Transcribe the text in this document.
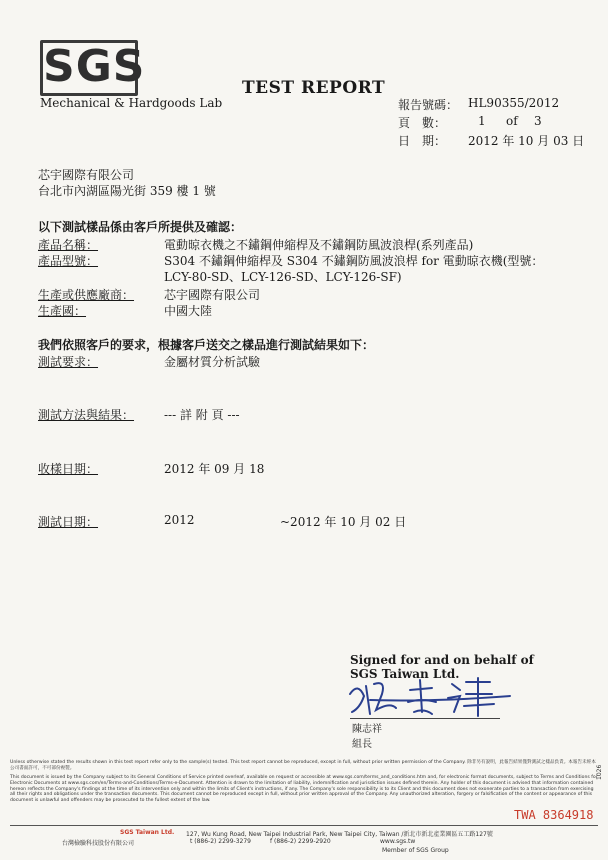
SGS
Mechanical & Hardgoods Lab
TEST REPORT
報告號碼： HL90355/2012
頁　數：	1 of 3
日　期： 2012 年 10 月 03 日
芯宇國際有限公司
台北市內湖區陽光街 359 樓 1 號
以下測試樣品係由客戶所提供及確認：
產品名稱：	電動晾衣機之不鏽鋼伸縮桿及不鏽鋼防風波浪桿(系列產品)
產品型號：	S304 不鏽鋼伸縮桿及 S304 不鏽鋼防風波浪桿 for 電動晾衣機(型號：
LCY-80-SD、LCY-126-SD、LCY-126-SF)
生產或供應廠商： 芯宇國際有限公司
生產國：	中國大陸
我們依照客戶的要求，根據客戶送交之樣品進行測試結果如下：
測試要求：	金屬材質分析試驗
測試方法與結果： --- 詳 附 頁 ---
收樣日期：	2012 年 09 月 18
測試日期：	2012	~2012 年 10 月 02 日
Signed for and on behalf of
SGS Taiwan Ltd.
陳志祥
組長
Unless otherwise stated the results shown in this test report refer only to the sample(s) tested. This test report cannot be reproduced, except in full, without prior written permission of the Company. 除非另有說明，此報告結果僅對測試之樣品負責。本報告未經本公司書面許可，不可部份複製。
This document is issued by the Company subject to its General Conditions of Service printed overleaf, available on request or accessible at www.sgs.com/terms_and_conditions.htm and, for electronic format documents, subject to Terms and Conditions for Electronic Documents at www.sgs.com/en/Terms-and-Conditions/Terms-e-Document. Attention is drawn to the limitation of liability, indemnification and jurisdiction issues defined therein. Any holder of this document is advised that information contained hereon reflects the Company's findings at the time of its intervention only and within the limits of Client's instructions, if any. The Company's sole responsibility is to its Client and this document does not exonerate parties to a transaction from exercising all their rights and obligations under the transaction documents. This document cannot be reproduced except in full, without prior written approval of the Company. Any unauthorized alteration, forgery or falsification of the content or appearance of this document is unlawful and offenders may be prosecuted to the fullest extent of the law.
TWA 8364918
SGS Taiwan Ltd.
台灣檢驗科技股份有限公司
127, Wu Kung Road, New Taipei Industrial Park, New Taipei City, Taiwan /新北市新北產業園區五工路127號
t (886-2) 2299-3279	f (886-2) 2299-2920	www.sgs.tw
Member of SGS Group
1026
